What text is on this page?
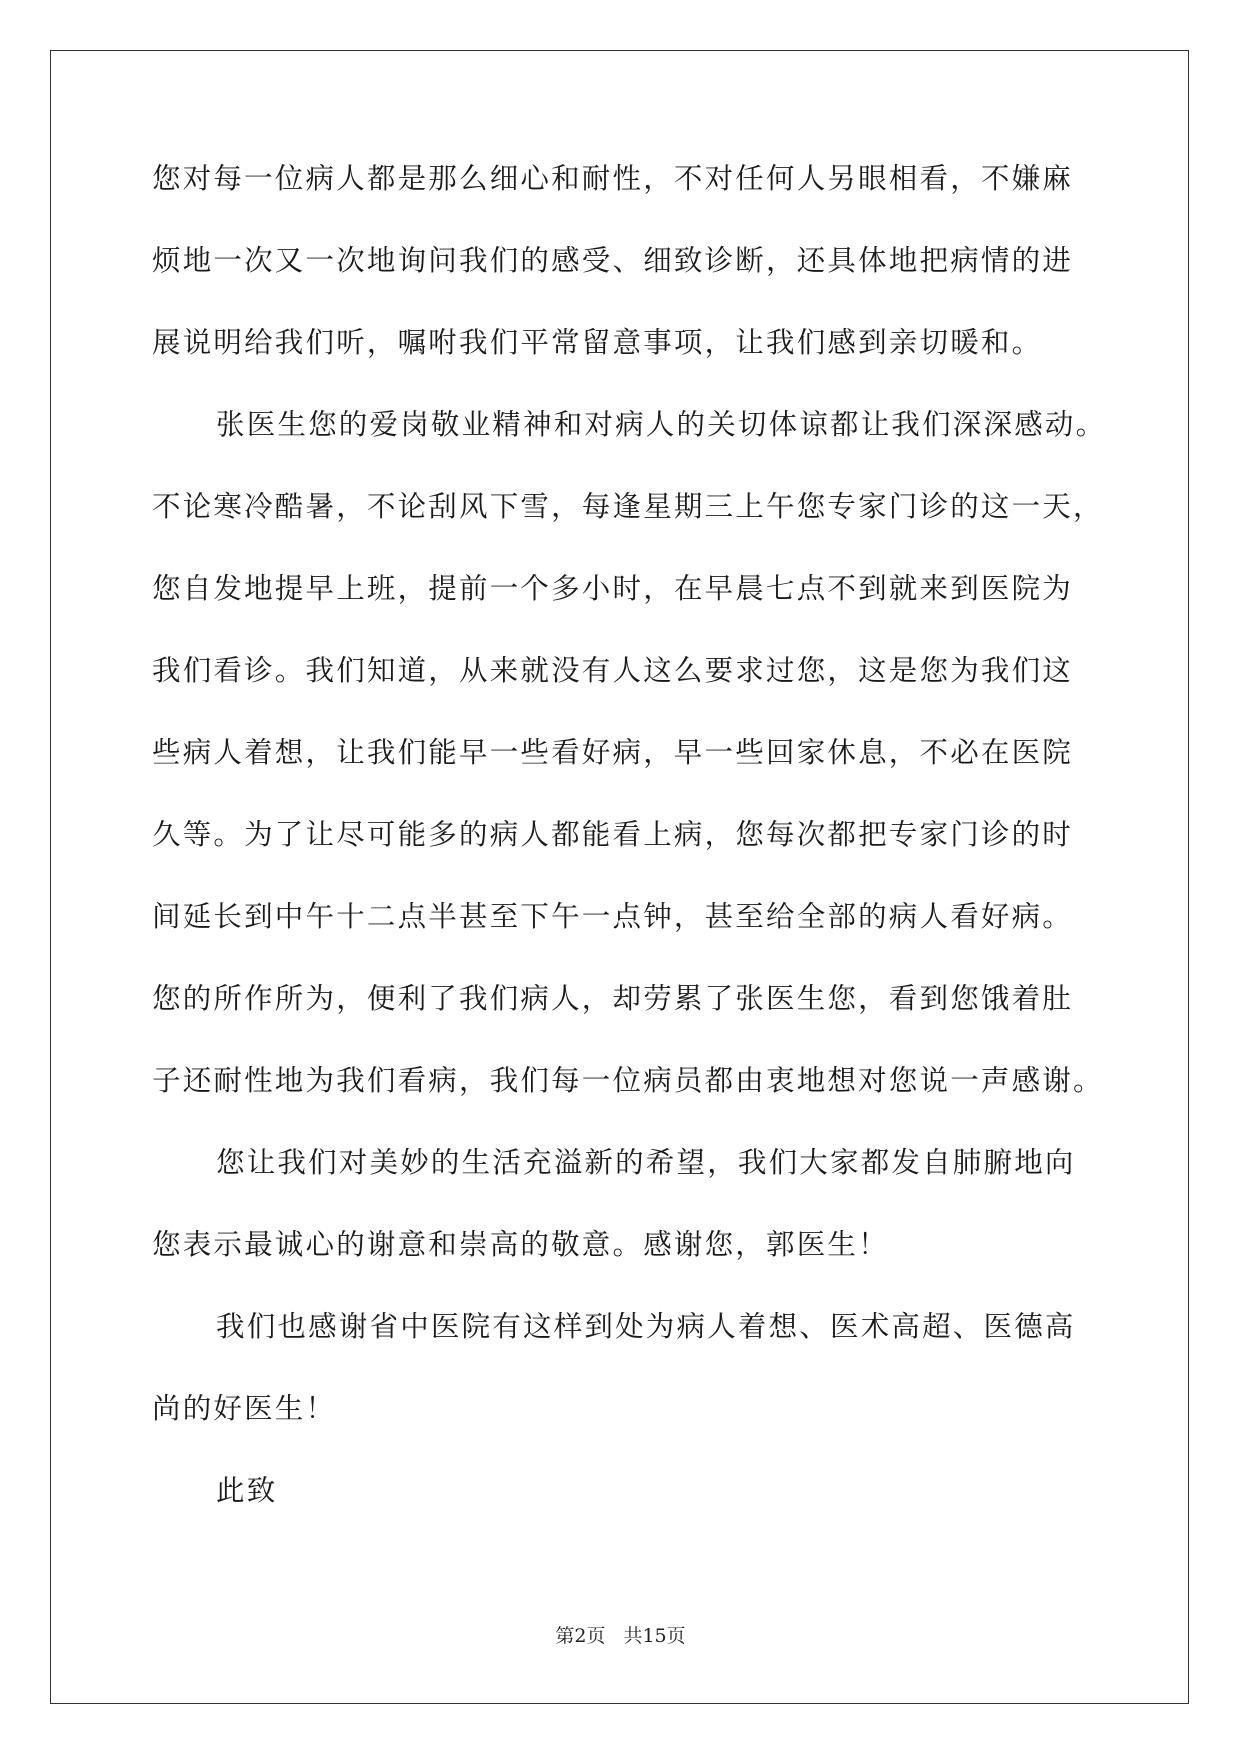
您对每一位病人都是那么细心和耐性，不对任何人另眼相看，不嫌麻
烦地一次又一次地询问我们的感受、细致诊断，还具体地把病情的进
展说明给我们听，嘱咐我们平常留意事项，让我们感到亲切暖和。
张医生您的爱岗敬业精神和对病人的关切体谅都让我们深深感动。
不论寒冷酷暑，不论刮风下雪，每逢星期三上午您专家门诊的这一天，
您自发地提早上班，提前一个多小时，在早晨七点不到就来到医院为
我们看诊。我们知道，从来就没有人这么要求过您，这是您为我们这
些病人着想，让我们能早一些看好病，早一些回家休息，不必在医院
久等。为了让尽可能多的病人都能看上病，您每次都把专家门诊的时
间延长到中午十二点半甚至下午一点钟，甚至给全部的病人看好病。
您的所作所为，便利了我们病人，却劳累了张医生您，看到您饿着肚
子还耐性地为我们看病，我们每一位病员都由衷地想对您说一声感谢。
您让我们对美妙的生活充溢新的希望，我们大家都发自肺腑地向
您表示最诚心的谢意和崇高的敬意。感谢您，郭医生！
我们也感谢省中医院有这样到处为病人着想、医术高超、医德高
尚的好医生！
此致
第2页 共15页
